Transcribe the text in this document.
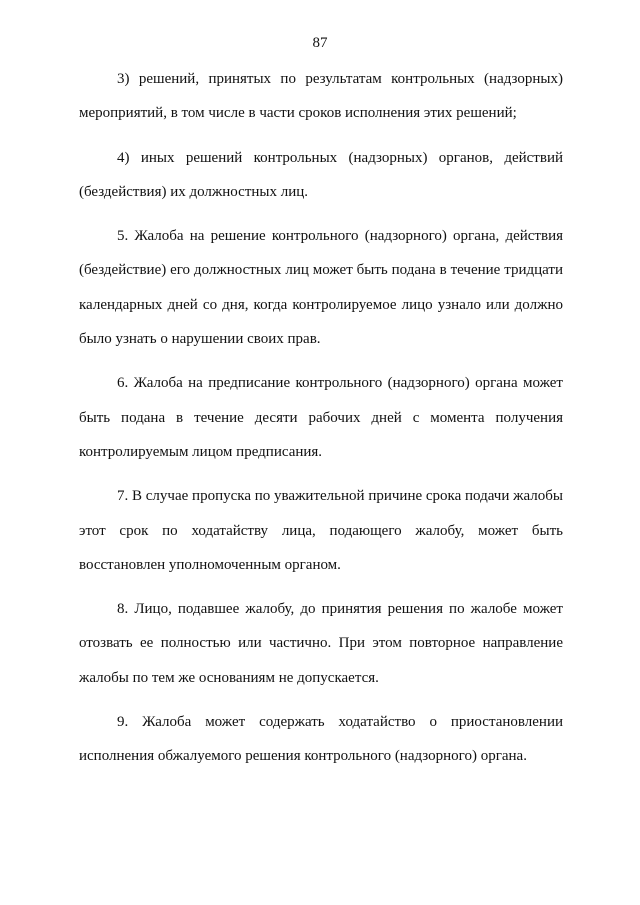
87

3) решений, принятых по результатам контрольных (надзорных) мероприятий, в том числе в части сроков исполнения этих решений;

4) иных решений контрольных (надзорных) органов, действий (бездействия) их должностных лиц.

5. Жалоба на решение контрольного (надзорного) органа, действия (бездействие) его должностных лиц может быть подана в течение тридцати календарных дней со дня, когда контролируемое лицо узнало или должно было узнать о нарушении своих прав.

6. Жалоба на предписание контрольного (надзорного) органа может быть подана в течение десяти рабочих дней с момента получения контролируемым лицом предписания.

7. В случае пропуска по уважительной причине срока подачи жалобы этот срок по ходатайству лица, подающего жалобу, может быть восстановлен уполномоченным органом.

8. Лицо, подавшее жалобу, до принятия решения по жалобе может отозвать ее полностью или частично. При этом повторное направление жалобы по тем же основаниям не допускается.

9. Жалоба может содержать ходатайство о приостановлении исполнения обжалуемого решения контрольного (надзорного) органа.
